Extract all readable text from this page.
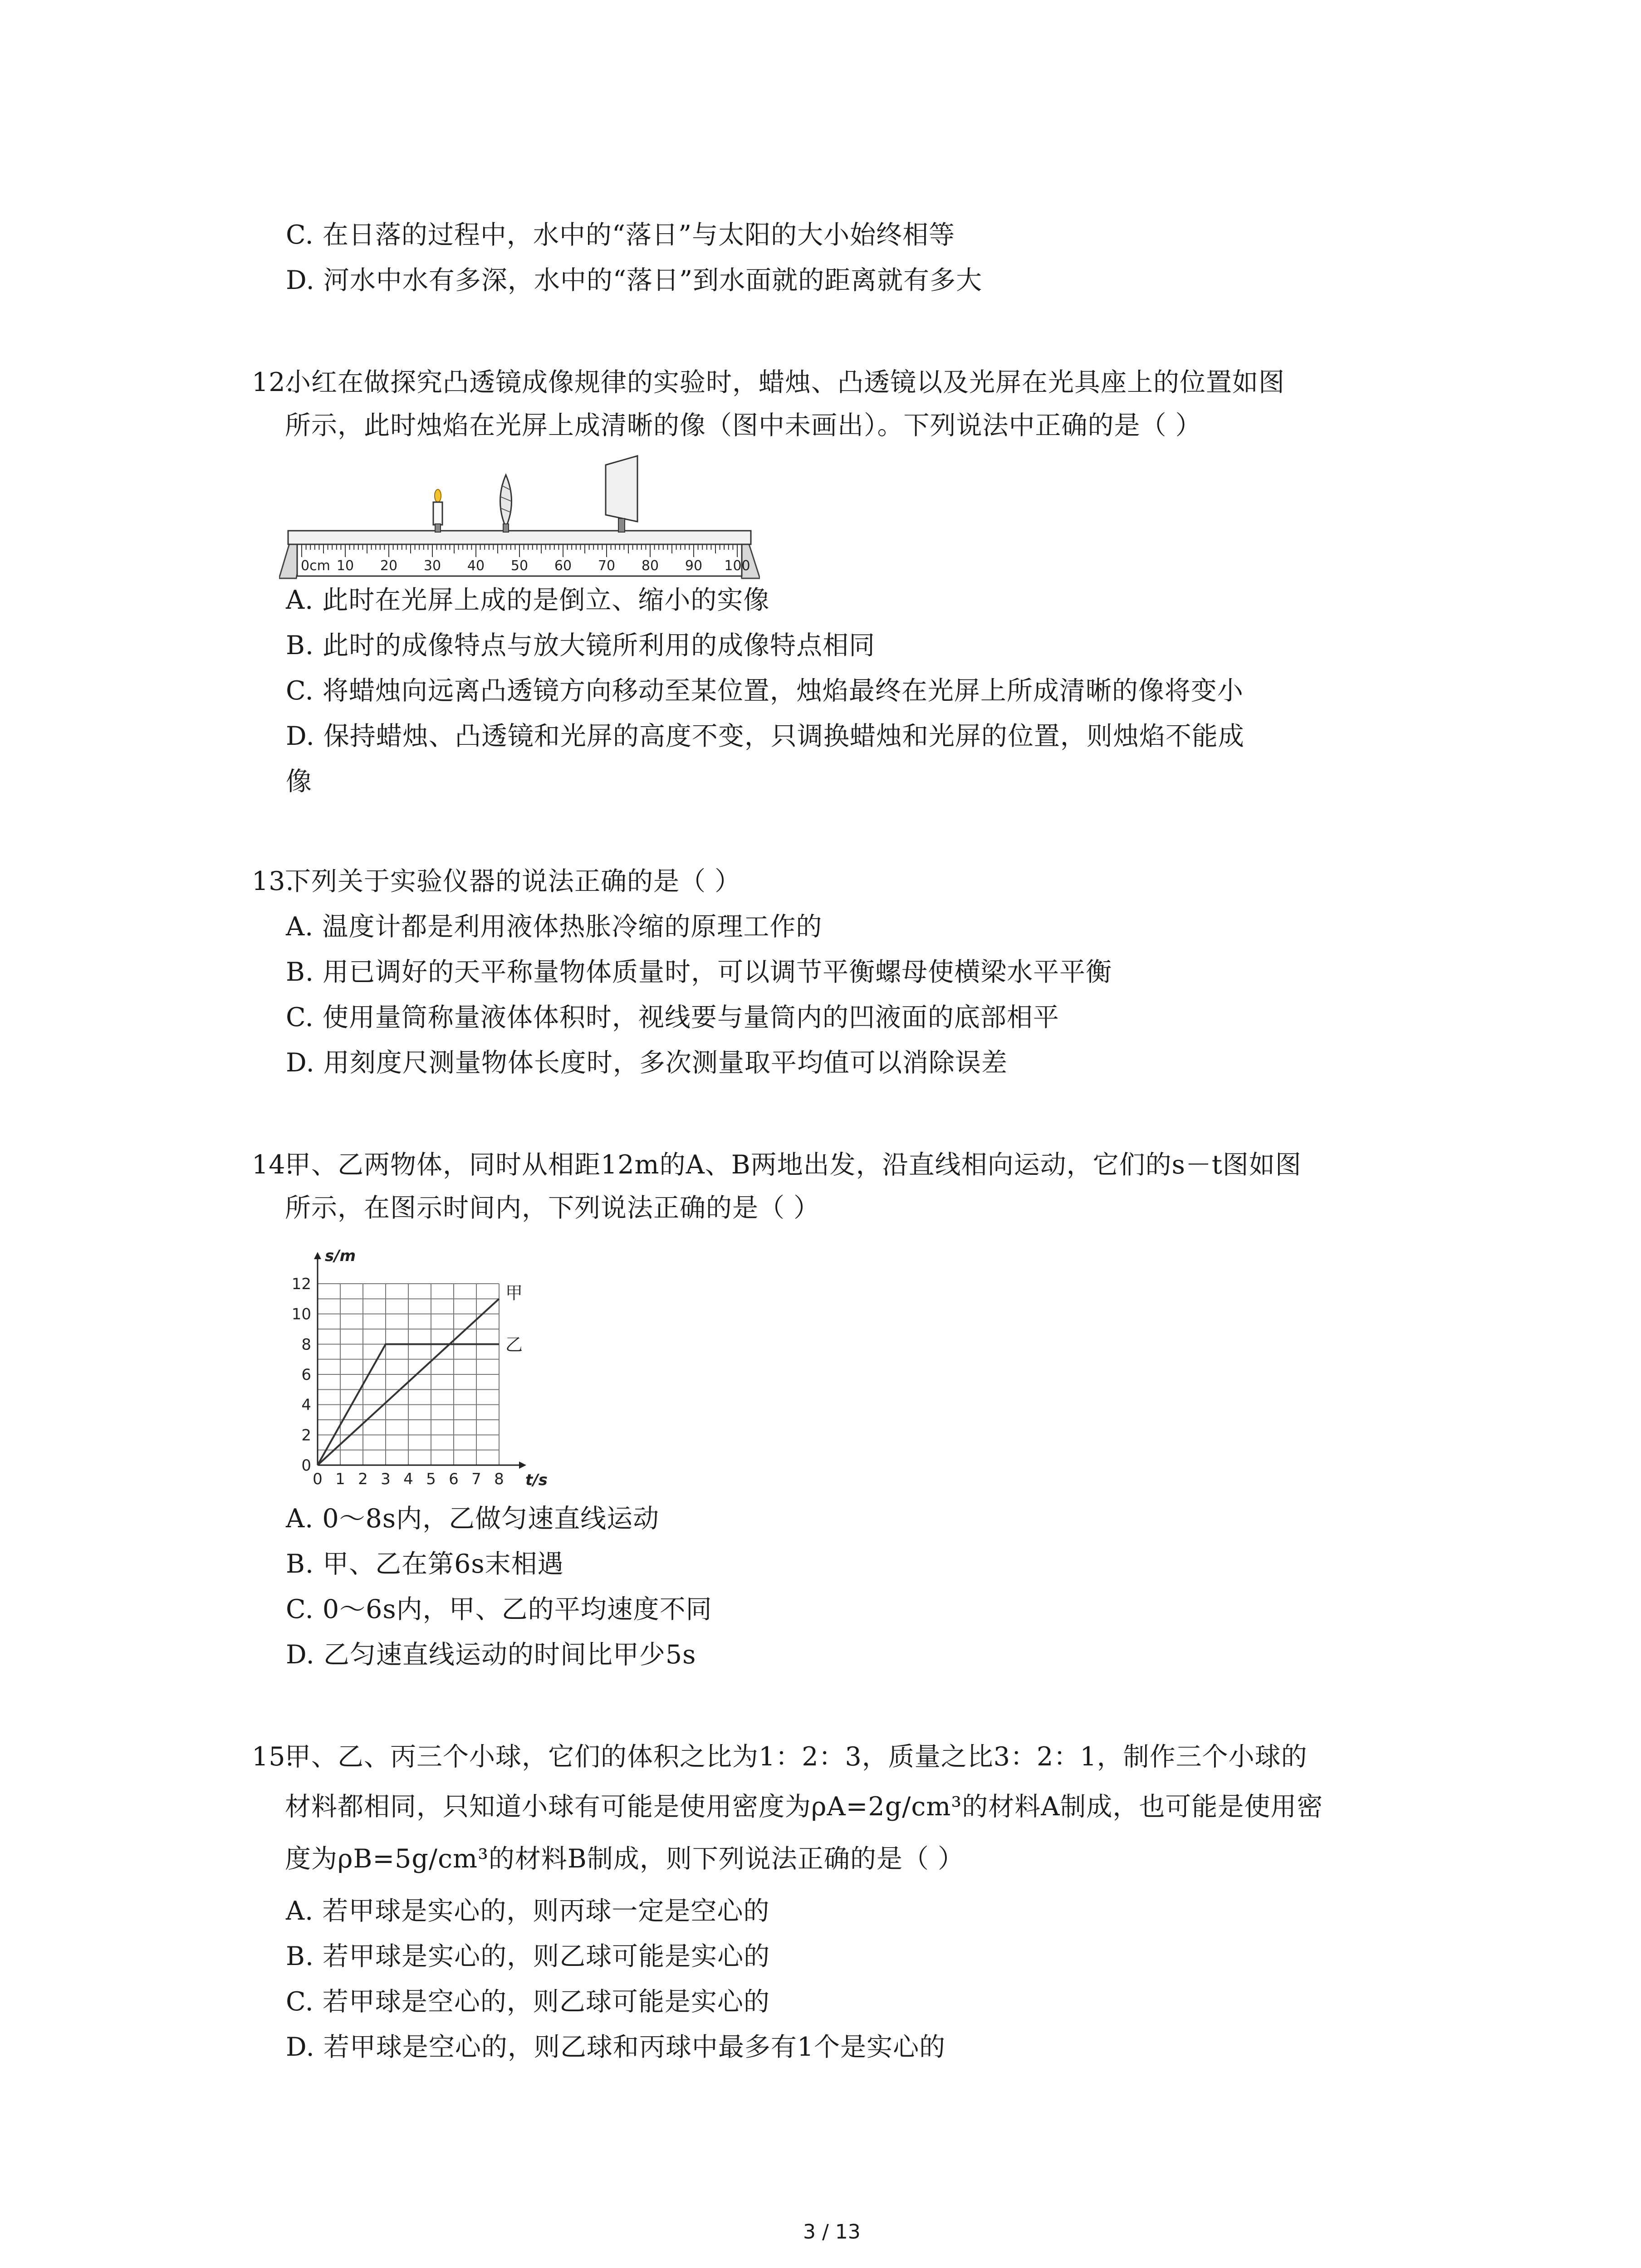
C. 在日落的过程中，水中的“落日”与太阳的大小始终相等
D. 河水中水有多深，水中的“落日”到水面就的距离就有多大
12.
小红在做探究凸透镜成像规律的实验时，蜡烛、凸透镜以及光屏在光具座上的位置如图
所示，此时烛焰在光屏上成清晰的像（图中未画出）。下列说法中正确的是（ ）
0cm 10 20 30 40 50 60 70 80 90 100
A. 此时在光屏上成的是倒立、缩小的实像
B. 此时的成像特点与放大镜所利用的成像特点相同
C. 将蜡烛向远离凸透镜方向移动至某位置，烛焰最终在光屏上所成清晰的像将变小
D. 保持蜡烛、凸透镜和光屏的高度不变，只调换蜡烛和光屏的位置，则烛焰不能成
像
13.
下列关于实验仪器的说法正确的是（ ）
A. 温度计都是利用液体热胀冷缩的原理工作的
B. 用已调好的天平称量物体质量时，可以调节平衡螺母使横梁水平平衡
C. 使用量筒称量液体体积时，视线要与量筒内的凹液面的底部相平
D. 用刻度尺测量物体长度时，多次测量取平均值可以消除误差
14.
甲、乙两物体，同时从相距12m的A、B两地出发，沿直线相向运动，它们的s－t图如图
所示，在图示时间内，下列说法正确的是（ ）
0 1 2 3 4 5 6 7 8
0
2
4
6
8
10
12	甲
乙
s/m
t/s
A. 0～8s内，乙做匀速直线运动
B. 甲、乙在第6s末相遇
C. 0～6s内，甲、乙的平均速度不同
D. 乙匀速直线运动的时间比甲少5s
15.
甲、乙、丙三个小球，它们的体积之比为1：2：3，质量之比3：2：1，制作三个小球的
材料都相同，只知道小球有可能是使用密度为ρA=2g/cm³的材料A制成，也可能是使用密
度为ρB=5g/cm³的材料B制成，则下列说法正确的是（ ）
A. 若甲球是实心的，则丙球一定是空心的
B. 若甲球是实心的，则乙球可能是实心的
C. 若甲球是空心的，则乙球可能是实心的
D. 若甲球是空心的，则乙球和丙球中最多有1个是实心的
3 / 13
